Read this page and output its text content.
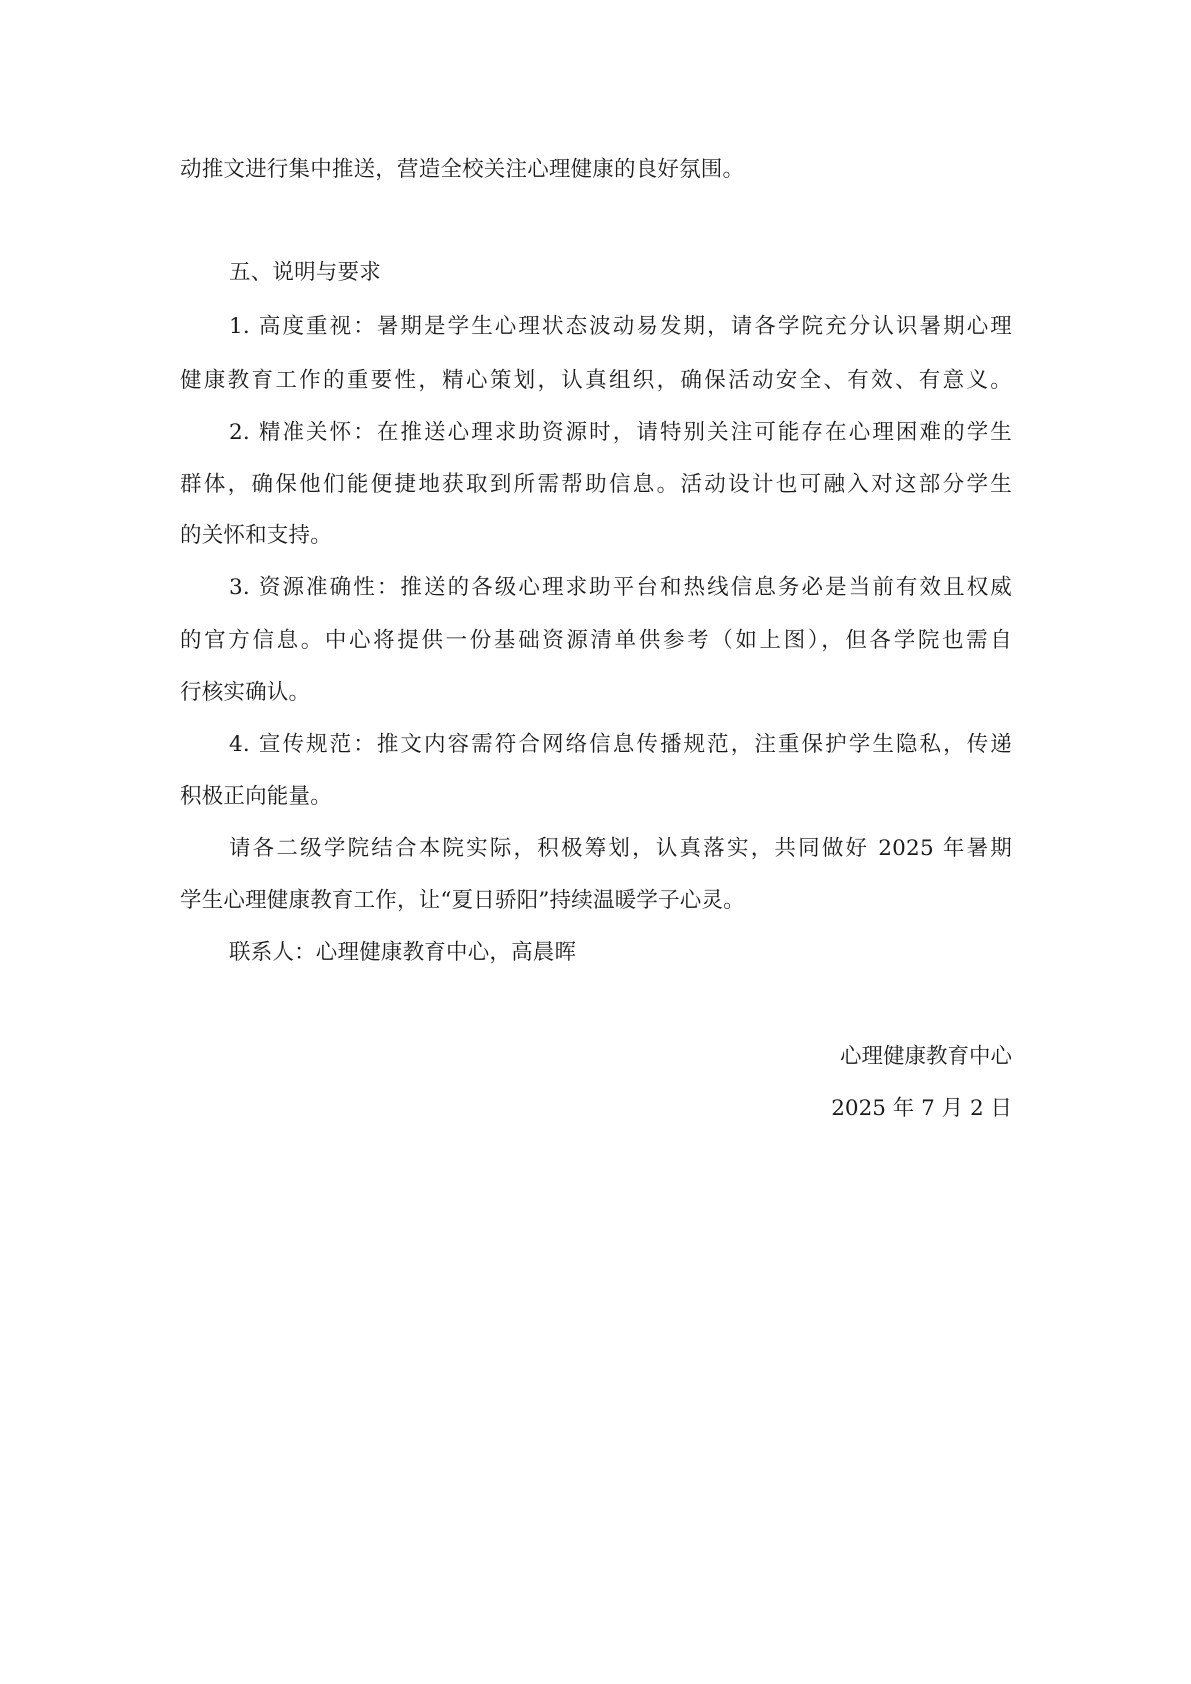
动推文进行集中推送，营造全校关注心理健康的良好氛围。

五、说明与要求

1. 高度重视：暑期是学生心理状态波动易发期，请各学院充分认识暑期心理

健康教育工作的重要性，精心策划，认真组织，确保活动安全、有效、有意义。

2. 精准关怀：在推送心理求助资源时，请特别关注可能存在心理困难的学生

群体，确保他们能便捷地获取到所需帮助信息。活动设计也可融入对这部分学生

的关怀和支持。

3. 资源准确性：推送的各级心理求助平台和热线信息务必是当前有效且权威

的官方信息。中心将提供一份基础资源清单供参考（如上图），但各学院也需自

行核实确认。

4. 宣传规范：推文内容需符合网络信息传播规范，注重保护学生隐私，传递

积极正向能量。

请各二级学院结合本院实际，积极筹划，认真落实，共同做好 2025 年暑期

学生心理健康教育工作，让“夏日骄阳”持续温暖学子心灵。

联系人：心理健康教育中心，高晨晖

心理健康教育中心

2025 年 7 月 2 日
